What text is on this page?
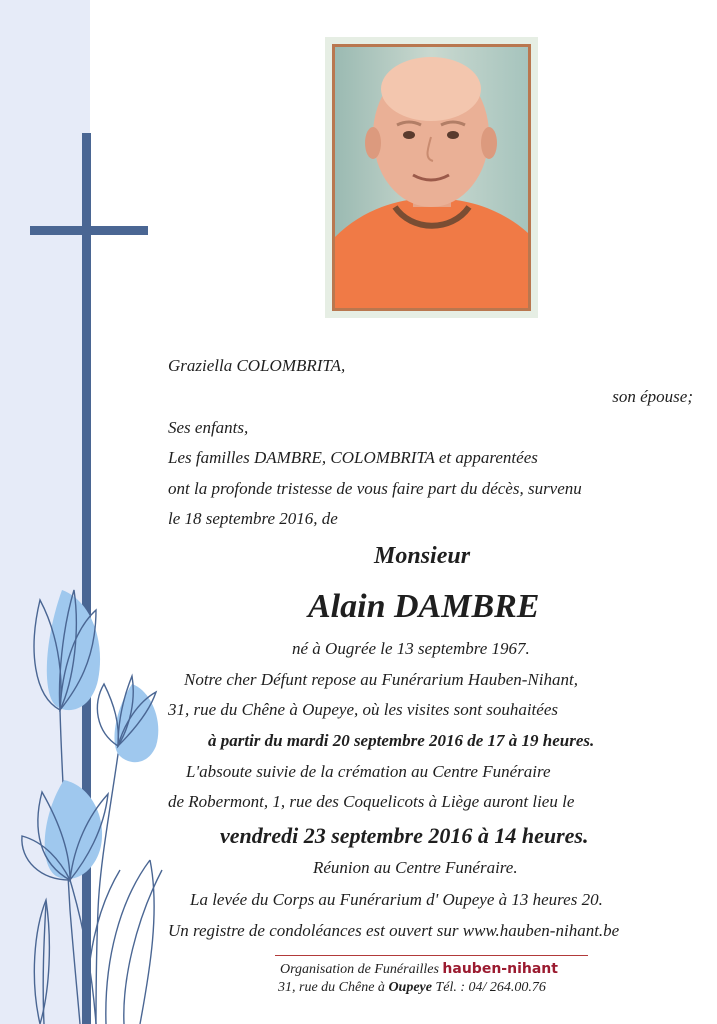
Graziella COLOMBRITA,

son épouse;

Ses enfants,

Les familles DAMBRE, COLOMBRITA et apparentées

ont la profonde tristesse de vous faire part du décès, survenu

le 18 septembre 2016, de

Monsieur

Alain DAMBRE

né à Ougrée le 13 septembre 1967.

Notre cher Défunt repose au Funérarium Hauben-Nihant,

31, rue du Chêne à Oupeye, où les visites sont souhaitées

à partir du mardi 20 septembre 2016 de 17 à 19 heures.

L'absoute suivie de la crémation au Centre Funéraire

de Robermont, 1, rue des Coquelicots à Liège auront lieu le

vendredi 23 septembre 2016 à 14 heures.

Réunion au Centre Funéraire.

La levée du Corps au Funérarium d' Oupeye à 13 heures 20.

Un registre de condoléances est ouvert sur www.hauben-nihant.be

Organisation de Funérailles hauben-nihant

31, rue du Chêne à Oupeye Tél. : 04/ 264.00.76
